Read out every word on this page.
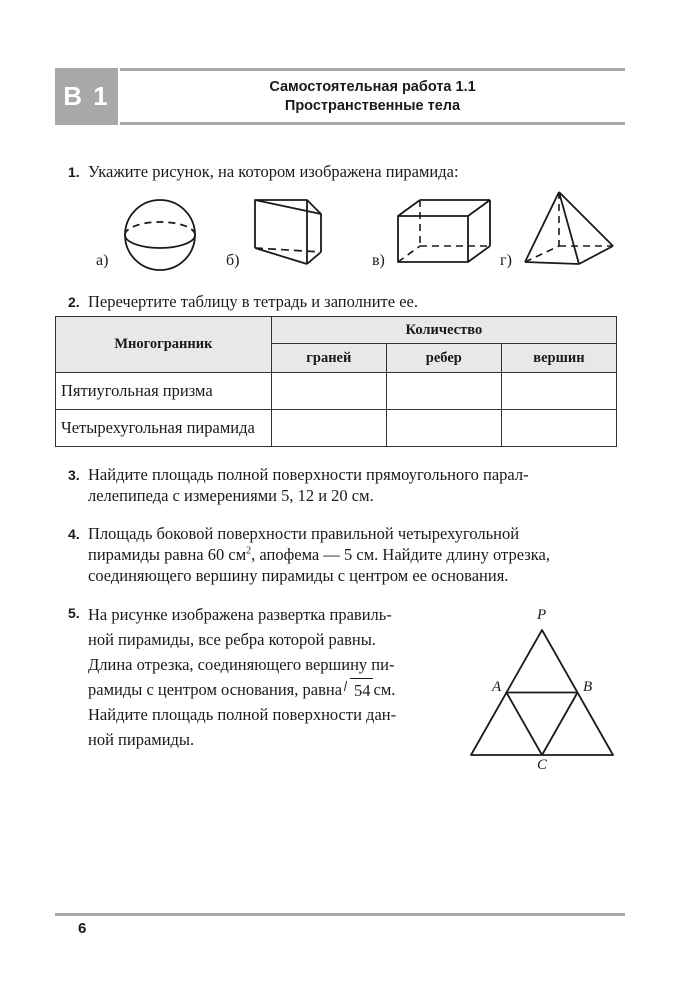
B 1	Самостоятельная работа 1.1
Пространственные тела
1. Укажите рисунок, на котором изображена пирамида:
а)	б)	в)	г)
2. Перечертите таблицу в тетрадь и заполните ее.
Многогранник	Количество		
	граней	ребер	вершин
Пятиугольная призма			
Четырехугольная пирамида			
3. Найдите площадь полной поверхности прямоугольного парал-

лелепипеда с измерениями 5, 12 и 20 см.

4. Площадь боковой поверхности правильной четырехугольной

пирамиды равна 60 $см^2$, апофема — 5 см. Найдите длину отрезка,

соединяющего вершину пирамиды с центром ее основания.

5. На рисунке изображена развертка правиль-

ной пирамиды, все ребра которой равны.

Длина отрезка, соединяющего вершину пи-

рамиды с центром основания, равна 54 см.

Найдите площадь полной поверхности дан-

ной пирамиды.

P
A	B
C
6
